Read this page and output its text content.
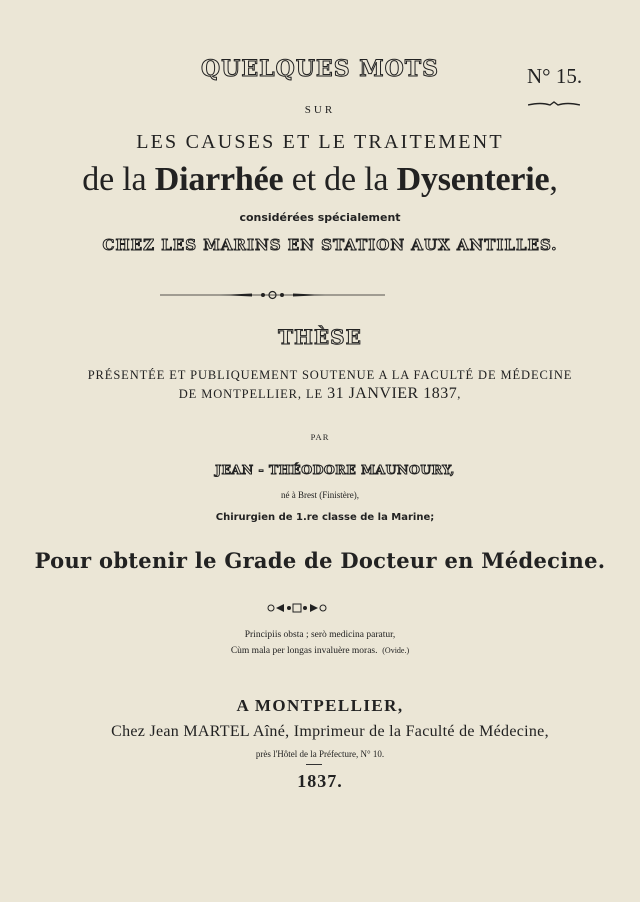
N° 15.
QUELQUES MOTS
SUR
LES CAUSES ET LE TRAITEMENT
de la Diarrhée et de la Dysenterie,
considérées spécialement
CHEZ LES MARINS EN STATION AUX ANTILLES.
THÈSE
PRÉSENTÉE ET PUBLIQUEMENT SOUTENUE A LA FACULTÉ DE MÉDECINE
DE MONTPELLIER, LE 31 JANVIER 1837,
PAR
JEAN - THÉODORE MAUNOURY,
né à Brest (Finistère),
Chirurgien de 1.re classe de la Marine;
Pour obtenir le Grade de Docteur en Médecine.
Principiis obsta ; serò medicina paratur,
Cùm mala per longas invaluère moras. (Ovide.)
A MONTPELLIER,
Chez Jean MARTEL Aîné, Imprimeur de la Faculté de Médecine,
près l'Hôtel de la Préfecture, N° 10.
1837.
